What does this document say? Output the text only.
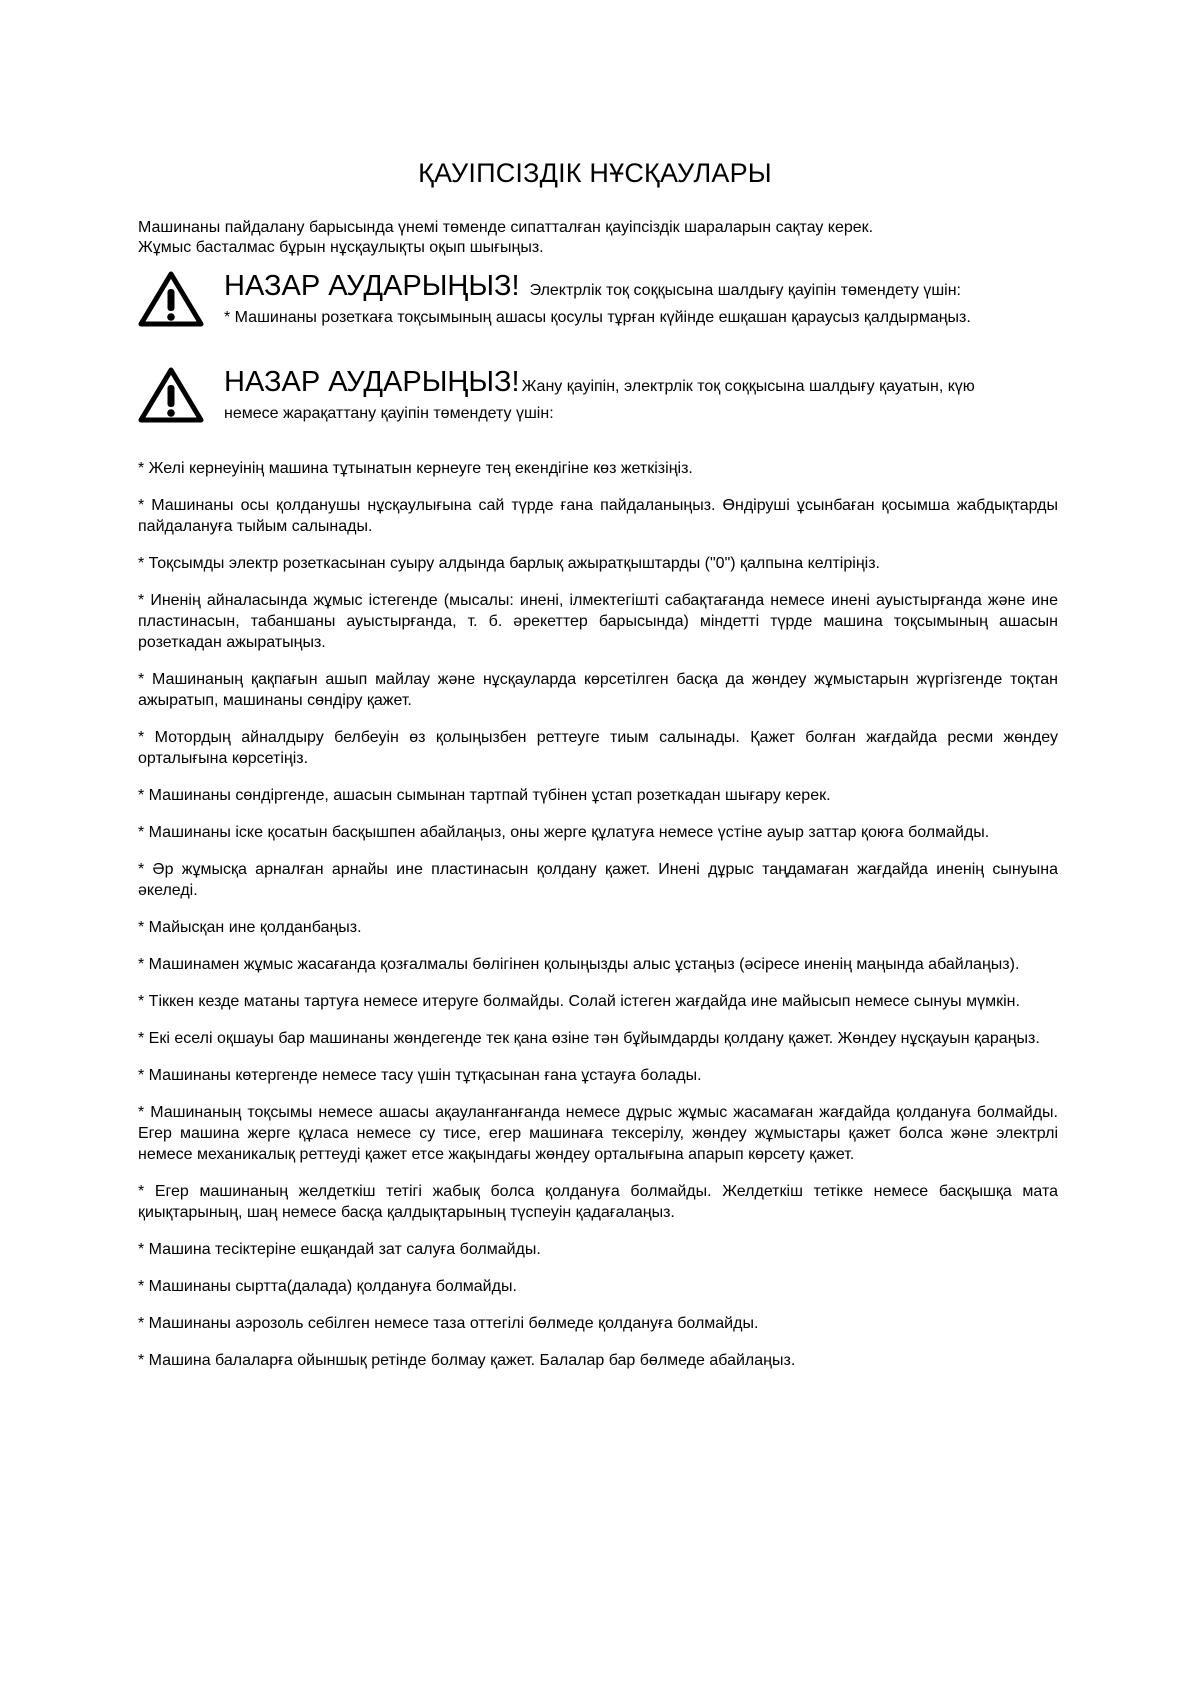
ҚАУІПСІЗДІК НҰСҚАУЛАРЫ
Машинаны пайдалану барысында үнемі төменде сипатталған қауіпсіздік шараларын сақтау керек.
Жұмыс басталмас бұрын нұсқаулықты оқып шығыңыз.
НАЗАР АУДАРЫҢЫЗ! Электрлік тоқ соққысына шалдығу қауіпін төмендету үшін:
* Машинаны розеткаға тоқсымының ашасы қосулы тұрған күйінде ешқашан қараусыз қалдырмаңыз.
НАЗАР АУДАРЫҢЫЗ! Жану қауіпін, электрлік тоқ соққысына шалдығу қауатын, күю
немесе жарақаттану қауіпін төмендету үшін:

* Желі кернеуінің машина тұтынатын кернеуге тең екендігіне көз жеткізіңіз.

* Машинаны осы қолданушы нұсқаулығына сай түрде ғана пайдаланыңыз. Өндіруші ұсынбаған қосымша жабдықтарды пайдалануға тыйым салынады.

* Тоқсымды электр розеткасынан суыру алдында барлық ажыратқыштарды ("0") қалпына келтіріңіз.

* Иненің айналасында жұмыс істегенде (мысалы: инені, ілмектегішті сабақтағанда немесе инені ауыстырғанда және ине пластинасын, табаншаны ауыстырғанда, т. б. әрекеттер барысында) міндетті түрде машина тоқсымының ашасын розеткадан ажыратыңыз.

* Машинаның қақпағын ашып майлау және нұсқауларда көрсетілген басқа да жөндеу жұмыстарын жүргізгенде тоқтан ажыратып, машинаны сөндіру қажет.

* Мотордың айналдыру белбеуін өз қолыңызбен реттеуге тиым салынады. Қажет болған жағдайда ресми жөндеу орталығына көрсетіңіз.

* Машинаны сөндіргенде, ашасын сымынан тартпай түбінен ұстап розеткадан шығару керек.

* Машинаны іске қосатын басқышпен абайлаңыз, оны жерге құлатуға немесе үстіне ауыр заттар қоюға болмайды.

* Әр жұмысқа арналған арнайы ине пластинасын қолдану қажет. Инені дұрыс таңдамаған жағдайда иненің сынуына әкеледі.

* Майысқан ине қолданбаңыз.

* Машинамен жұмыс жасағанда қозғалмалы бөлігінен қолыңызды алыс ұстаңыз (әсіресе иненің маңында абайлаңыз).

* Тіккен кезде матаны тартуға немесе итеруге болмайды. Солай істеген жағдайда ине майысып немесе сынуы мүмкін.

* Екі еселі оқшауы бар машинаны жөндегенде тек қана өзіне тән бұйымдарды қолдану қажет. Жөндеу нұсқауын қараңыз.

* Машинаны көтергенде немесе тасу үшін тұтқасынан ғана ұстауға болады.

* Машинаның тоқсымы немесе ашасы ақауланғанғанда немесе дұрыс жұмыс жасамаған жағдайда қолдануға болмайды. Егер машина жерге құласа немесе су тисе, егер машинаға тексерілу, жөндеу жұмыстары қажет болса және электрлі немесе механикалық реттеуді қажет етсе жақындағы жөндеу орталығына апарып көрсету қажет.

* Егер машинаның желдеткіш тетігі жабық болса қолдануға болмайды. Желдеткіш тетікке немесе басқышқа мата қиықтарының, шаң немесе басқа қалдықтарының түспеуін қадағалаңыз.

* Машина тесіктеріне ешқандай зат салуға болмайды.

* Машинаны сыртта(далада) қолдануға болмайды.

* Машинаны аэрозоль себілген немесе таза оттегілі бөлмеде қолдануға болмайды.

* Машина балаларға ойыншық ретінде болмау қажет. Балалар бар бөлмеде абайлаңыз.
